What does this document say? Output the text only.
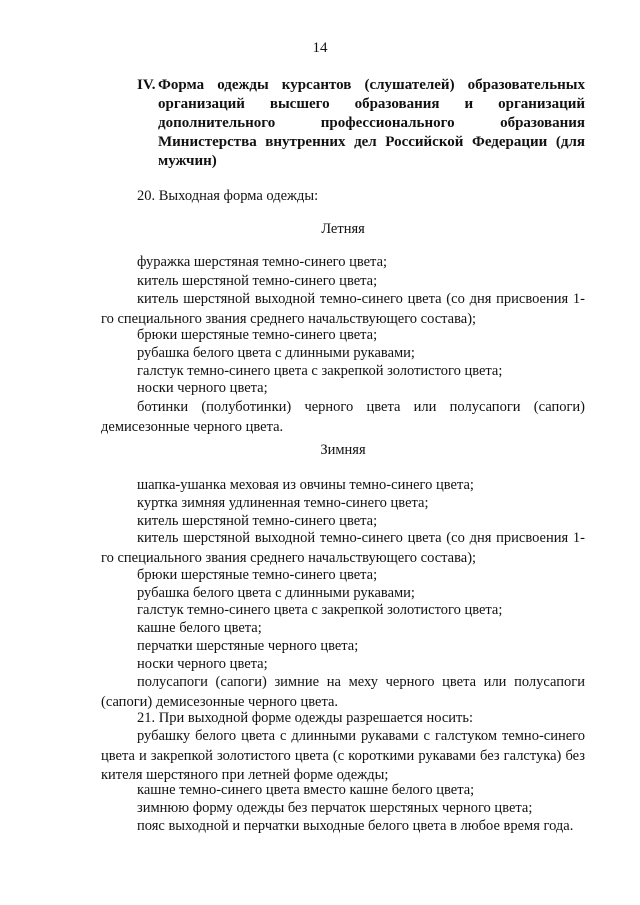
14
IV. Форма одежды курсантов (слушателей) образовательных организаций высшего образования и организаций дополнительного профессионального образования Министерства внутренних дел Российской Федерации (для мужчин)
20. Выходная форма одежды:
Летняя
фуражка шерстяная темно-синего цвета;
китель шерстяной темно-синего цвета;
китель шерстяной выходной темно-синего цвета (со дня присвоения 1-го специального звания среднего начальствующего состава);
брюки шерстяные темно-синего цвета;
рубашка белого цвета с длинными рукавами;
галстук темно-синего цвета с закрепкой золотистого цвета;
носки черного цвета;
ботинки (полуботинки) черного цвета или полусапоги (сапоги) демисезонные черного цвета.
Зимняя
шапка-ушанка меховая из овчины темно-синего цвета;
куртка зимняя удлиненная темно-синего цвета;
китель шерстяной темно-синего цвета;
китель шерстяной выходной темно-синего цвета (со дня присвоения 1-го специального звания среднего начальствующего состава);
брюки шерстяные темно-синего цвета;
рубашка белого цвета с длинными рукавами;
галстук темно-синего цвета с закрепкой золотистого цвета;
кашне белого цвета;
перчатки шерстяные черного цвета;
носки черного цвета;
полусапоги (сапоги) зимние на меху черного цвета или полусапоги (сапоги) демисезонные черного цвета.
21. При выходной форме одежды разрешается носить:
рубашку белого цвета с длинными рукавами с галстуком темно-синего цвета и закрепкой золотистого цвета (с короткими рукавами без галстука) без кителя шерстяного при летней форме одежды;
кашне темно-синего цвета вместо кашне белого цвета;
зимнюю форму одежды без перчаток шерстяных черного цвета;
пояс выходной и перчатки выходные белого цвета в любое время года.
